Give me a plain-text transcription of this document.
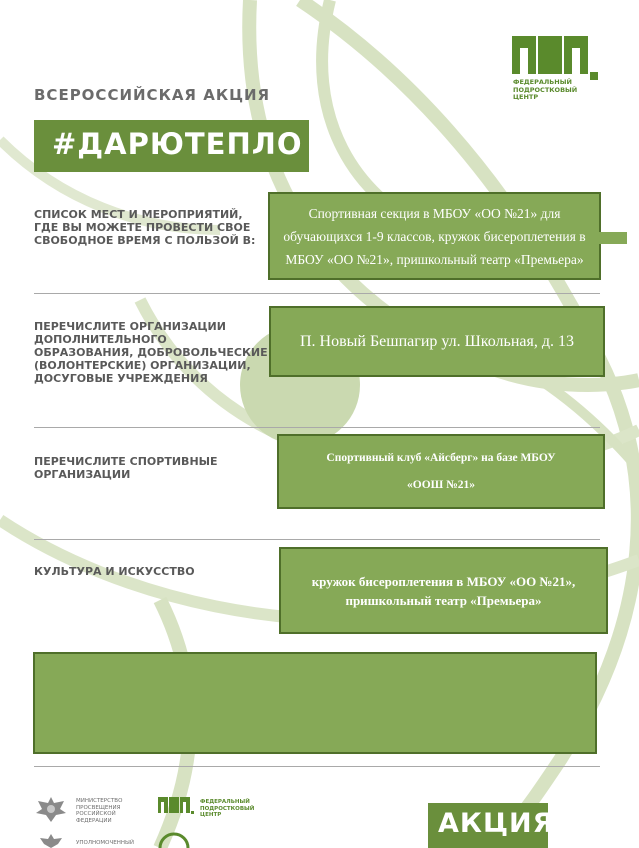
ФЕДЕРАЛЬНЫЙ
ПОДРОСТКОВЫЙ
ЦЕНТР
ВСЕРОССИЙСКАЯ АКЦИЯ
#ДАРЮТЕПЛО
СПИСОК МЕСТ И МЕРОПРИЯТИЙ, ГДЕ ВЫ МОЖЕТЕ ПРОВЕСТИ СВОЕ СВОБОДНОЕ ВРЕМЯ С ПОЛЬЗОЙ В:
Спортивная секция в МБОУ «ОО №21» для обучающихся 1-9 классов, кружок бисероплетения в МБОУ «ОО №21», пришкольный театр «Премьера»
ПЕРЕЧИСЛИТЕ ОРГАНИЗАЦИИ ДОПОЛНИТЕЛЬНОГО ОБРАЗОВАНИЯ, ДОБРОВОЛЬЧЕСКИЕ (ВОЛОНТЕРСКИЕ) ОРГАНИЗАЦИИ, ДОСУГОВЫЕ УЧРЕЖДЕНИЯ
П. Новый Бешпагир ул. Школьная, д. 13
ПЕРЕЧИСЛИТЕ СПОРТИВНЫЕ ОРГАНИЗАЦИИ
Спортивный клуб «Айсберг» на базе МБОУ
«ООШ №21»
КУЛЬТУРА И ИСКУССТВО
кружок бисероплетения в МБОУ «ОО №21», пришкольный театр «Премьера»
МИНИСТЕРСТВО
ПРОСВЕЩЕНИЯ
РОССИЙСКОЙ
ФЕДЕРАЦИИ
УПОЛНОМОЧЕННЫЙ
ФЕДЕРАЛЬНЫЙ
ПОДРОСТКОВЫЙ
ЦЕНТР	АКЦИЯ
